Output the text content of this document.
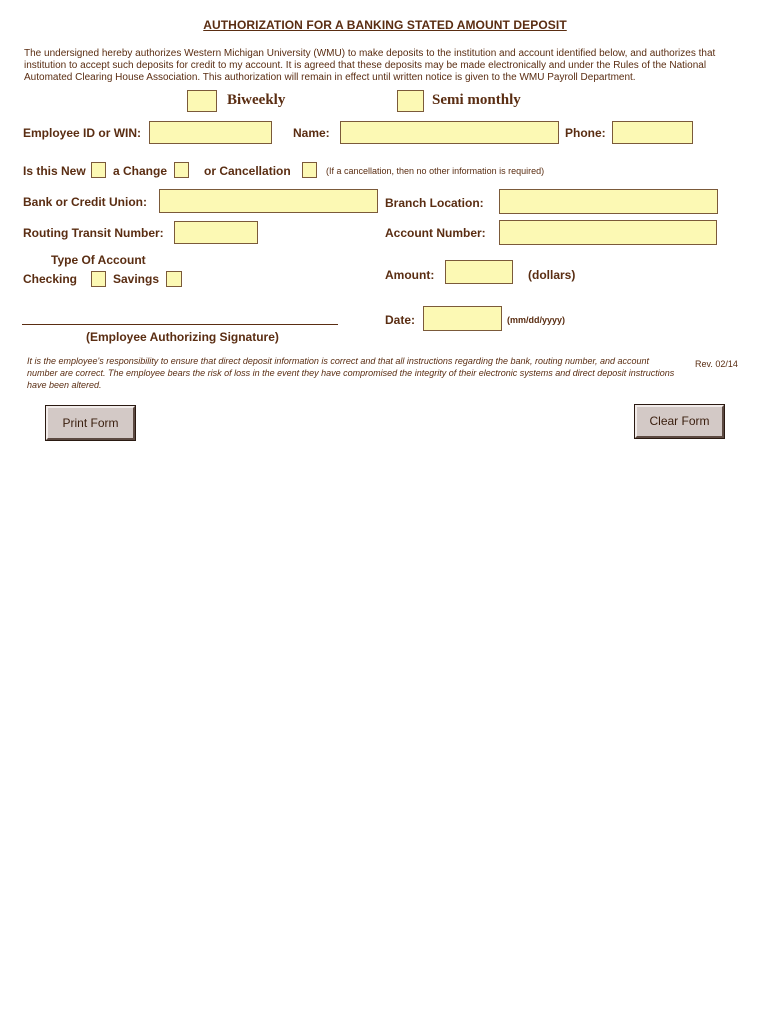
AUTHORIZATION FOR A BANKING STATED AMOUNT DEPOSIT
The undersigned hereby authorizes Western Michigan University (WMU) to make deposits to the institution and account identified below, and authorizes that institution to accept such deposits for credit to my account. It is agreed that these deposits may be made electronically and under the Rules of the National Automated Clearing House Association. This authorization will remain in effect until written notice is given to the WMU Payroll Department.
Biweekly	Semi monthly
Employee ID or WIN:	Name:	Phone:
Is this New a Change	or Cancellation	(If a cancellation, then no other information is required)
Bank or Credit Union:	Branch Location:
Routing Transit Number:	Account Number:
Type Of Account
Checking	Savings	Amount:	(dollars)
Date:	(mm/dd/yyyy)
(Employee Authorizing Signature)
It is the employee's responsibility to ensure that direct deposit information is correct and that all instructions regarding the bank, routing number, and account number are correct. The employee bears the risk of loss in the event they have compromised the integrity of their electronic systems and direct deposit instructions have been altered.
Rev. 02/14
Print Form	Clear Form
